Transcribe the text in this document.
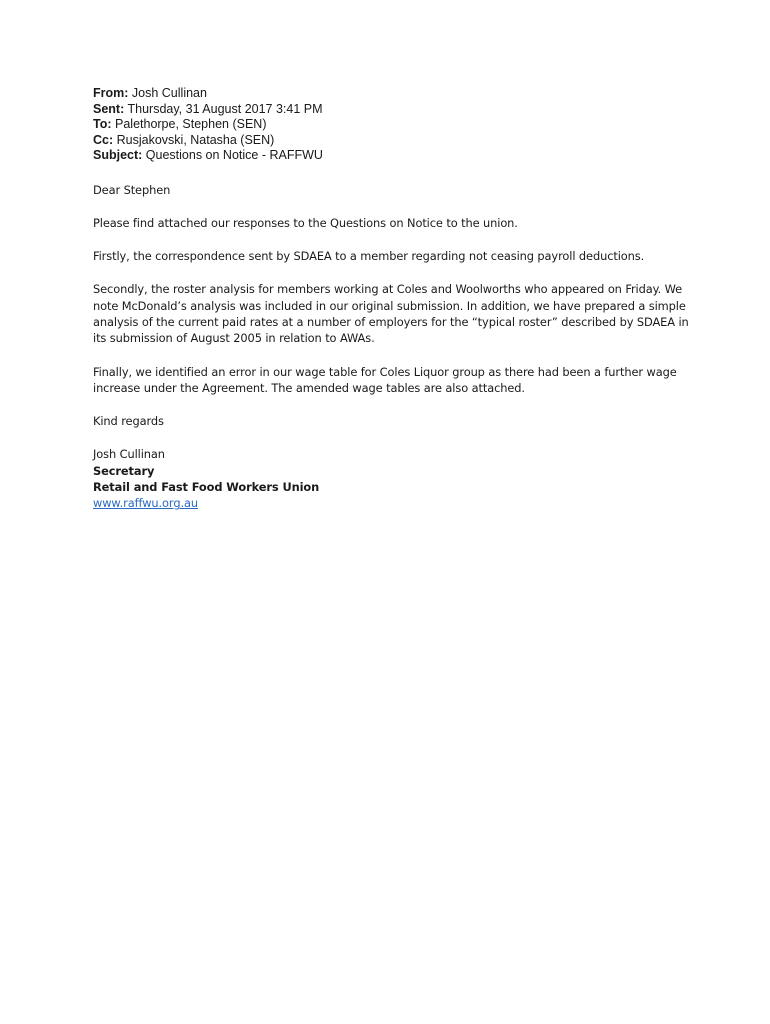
From: Josh Cullinan
Sent: Thursday, 31 August 2017 3:41 PM
To: Palethorpe, Stephen (SEN)
Cc: Rusjakovski, Natasha (SEN)
Subject: Questions on Notice - RAFFWU
Dear Stephen
Please find attached our responses to the Questions on Notice to the union.
Firstly, the correspondence sent by SDAEA to a member regarding not ceasing payroll deductions.
Secondly, the roster analysis for members working at Coles and Woolworths who appeared on Friday. We note McDonald’s analysis was included in our original submission. In addition, we have prepared a simple analysis of the current paid rates at a number of employers for the “typical roster” described by SDAEA in its submission of August 2005 in relation to AWAs.
Finally, we identified an error in our wage table for Coles Liquor group as there had been a further wage increase under the Agreement. The amended wage tables are also attached.
Kind regards
Josh Cullinan
Secretary
Retail and Fast Food Workers Union
www.raffwu.org.au
